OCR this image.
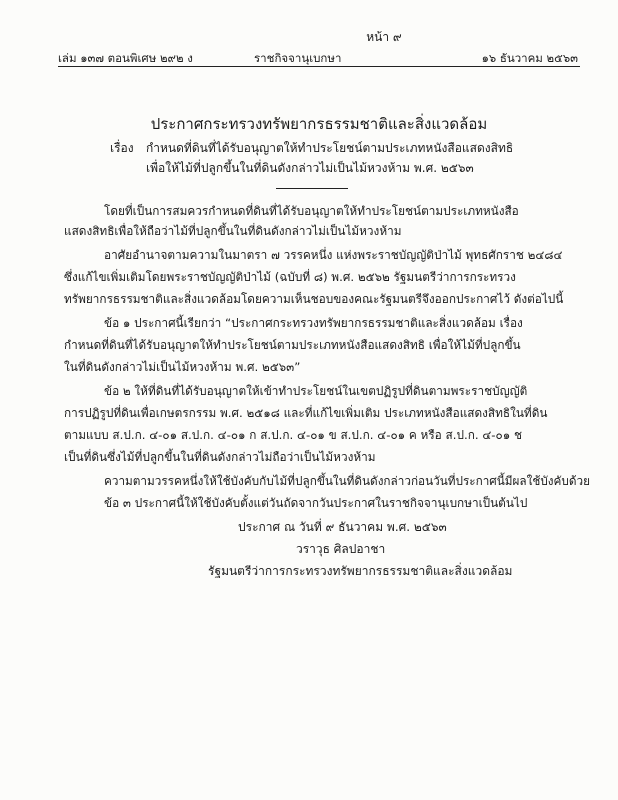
หน้า ๙
เล่ม ๑๓๗ ตอนพิเศษ ๒๙๒ ง	ราชกิจจานุเบกษา	๑๖ ธันวาคม ๒๕๖๓
ประกาศกระทรวงทรัพยากรธรรมชาติและสิ่งแวดล้อม
เรื่อง กำหนดที่ดินที่ได้รับอนุญาตให้ทำประโยชน์ตามประเภทหนังสือแสดงสิทธิ
เพื่อให้ไม้ที่ปลูกขึ้นในที่ดินดังกล่าวไม่เป็นไม้หวงห้าม พ.ศ. ๒๕๖๓
โดยที่เป็นการสมควรกำหนดที่ดินที่ได้รับอนุญาตให้ทำประโยชน์ตามประเภทหนังสือ
แสดงสิทธิเพื่อให้ถือว่าไม้ที่ปลูกขึ้นในที่ดินดังกล่าวไม่เป็นไม้หวงห้าม
อาศัยอำนาจตามความในมาตรา ๗ วรรคหนึ่ง แห่งพระราชบัญญัติป่าไม้ พุทธศักราช ๒๔๘๔
ซึ่งแก้ไขเพิ่มเติมโดยพระราชบัญญัติป่าไม้ (ฉบับที่ ๘) พ.ศ. ๒๕๖๒ รัฐมนตรีว่าการกระทรวง
ทรัพยากรธรรมชาติและสิ่งแวดล้อมโดยความเห็นชอบของคณะรัฐมนตรีจึงออกประกาศไว้ ดังต่อไปนี้
ข้อ ๑ ประกาศนี้เรียกว่า “ประกาศกระทรวงทรัพยากรธรรมชาติและสิ่งแวดล้อม เรื่อง
กำหนดที่ดินที่ได้รับอนุญาตให้ทำประโยชน์ตามประเภทหนังสือแสดงสิทธิ เพื่อให้ไม้ที่ปลูกขึ้น
ในที่ดินดังกล่าวไม่เป็นไม้หวงห้าม พ.ศ. ๒๕๖๓”
ข้อ ๒ ให้ที่ดินที่ได้รับอนุญาตให้เข้าทำประโยชน์ในเขตปฏิรูปที่ดินตามพระราชบัญญัติ
การปฏิรูปที่ดินเพื่อเกษตรกรรม พ.ศ. ๒๕๑๘ และที่แก้ไขเพิ่มเติม ประเภทหนังสือแสดงสิทธิในที่ดิน
ตามแบบ ส.ป.ก. ๔-๐๑ ส.ป.ก. ๔-๐๑ ก ส.ป.ก. ๔-๐๑ ข ส.ป.ก. ๔-๐๑ ค หรือ ส.ป.ก. ๔-๐๑ ช
เป็นที่ดินซึ่งไม้ที่ปลูกขึ้นในที่ดินดังกล่าวไม่ถือว่าเป็นไม้หวงห้าม
ความตามวรรคหนึ่งให้ใช้บังคับกับไม้ที่ปลูกขึ้นในที่ดินดังกล่าวก่อนวันที่ประกาศนี้มีผลใช้บังคับด้วย
ข้อ ๓ ประกาศนี้ให้ใช้บังคับตั้งแต่วันถัดจากวันประกาศในราชกิจจานุเบกษาเป็นต้นไป
ประกาศ ณ วันที่ ๙ ธันวาคม พ.ศ. ๒๕๖๓
วราวุธ ศิลปอาชา
รัฐมนตรีว่าการกระทรวงทรัพยากรธรรมชาติและสิ่งแวดล้อม
